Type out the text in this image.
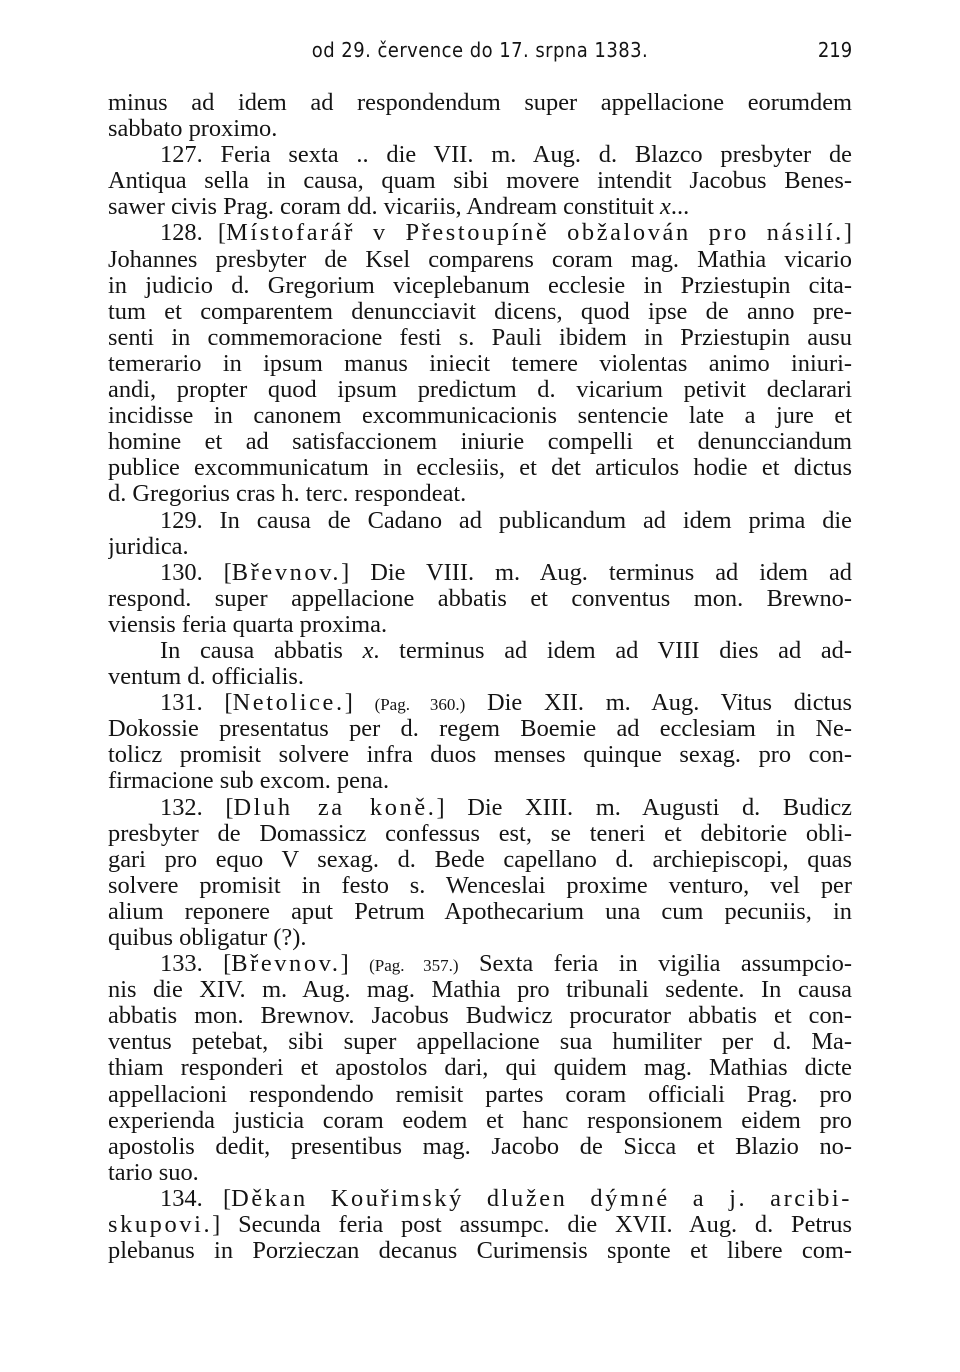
od 29. července do 17. srpna 1383.	219
minus ad idem ad respondendum super appellacione eorumdem
sabbato proximo.
127. Feria sexta .. die VII. m. Aug. d. Blazco presbyter de
Antiqua sella in causa, quam sibi movere intendit Jacobus Benes-
sawer civis Prag. coram dd. vicariis, Andream constituit x...
128. [Místofarář v Přestoupíně obžalován pro násilí.]
Johannes presbyter de Ksel comparens coram mag. Mathia vicario
in judicio d. Gregorium viceplebanum ecclesie in Prziestupin cita-
tum et comparentem denuncciavit dicens, quod ipse de anno pre-
senti in commemoracione festi s. Pauli ibidem in Prziestupin ausu
temerario in ipsum manus iniecit temere violentas animo iniuri-
andi, propter quod ipsum predictum d. vicarium petivit declarari
incidisse in canonem excommunicacionis sentencie late a jure et
homine et ad satisfaccionem iniurie compelli et denuncciandum
publice excommunicatum in ecclesiis, et det articulos hodie et dictus
d. Gregorius cras h. terc. respondeat.
129. In causa de Cadano ad publicandum ad idem prima die
juridica.
130. [Břevnov.] Die VIII. m. Aug. terminus ad idem ad
respond. super appellacione abbatis et conventus mon. Brewno-
viensis feria quarta proxima.
In causa abbatis x. terminus ad idem ad VIII dies ad ad-
ventum d. officialis.
131. [Netolice.] (Pag. 360.) Die XII. m. Aug. Vitus dictus
Dokossie presentatus per d. regem Boemie ad ecclesiam in Ne-
tolicz promisit solvere infra duos menses quinque sexag. pro con-
firmacione sub excom. pena.
132. [Dluh za koně.] Die XIII. m. Augusti d. Budicz
presbyter de Domassicz confessus est, se teneri et debitorie obli-
gari pro equo V sexag. d. Bede capellano d. archiepiscopi, quas
solvere promisit in festo s. Wenceslai proxime venturo, vel per
alium reponere aput Petrum Apothecarium una cum pecuniis, in
quibus obligatur (?).
133. [Břevnov.] (Pag. 357.) Sexta feria in vigilia assumpcio-
nis die XIV. m. Aug. mag. Mathia pro tribunali sedente. In causa
abbatis mon. Brewnov. Jacobus Budwicz procurator abbatis et con-
ventus petebat, sibi super appellacione sua humiliter per d. Ma-
thiam responderi et apostolos dari, qui quidem mag. Mathias dicte
appellacioni respondendo remisit partes coram officiali Prag. pro
experienda justicia coram eodem et hanc responsionem eidem pro
apostolis dedit, presentibus mag. Jacobo de Sicca et Blazio no-
tario suo.
134. [Děkan Kouřimský dlužen dýmné a j. arcibi-
skupovi.] Secunda feria post assumpc. die XVII. Aug. d. Petrus
plebanus in Porzieczan decanus Curimensis sponte et libere com-
